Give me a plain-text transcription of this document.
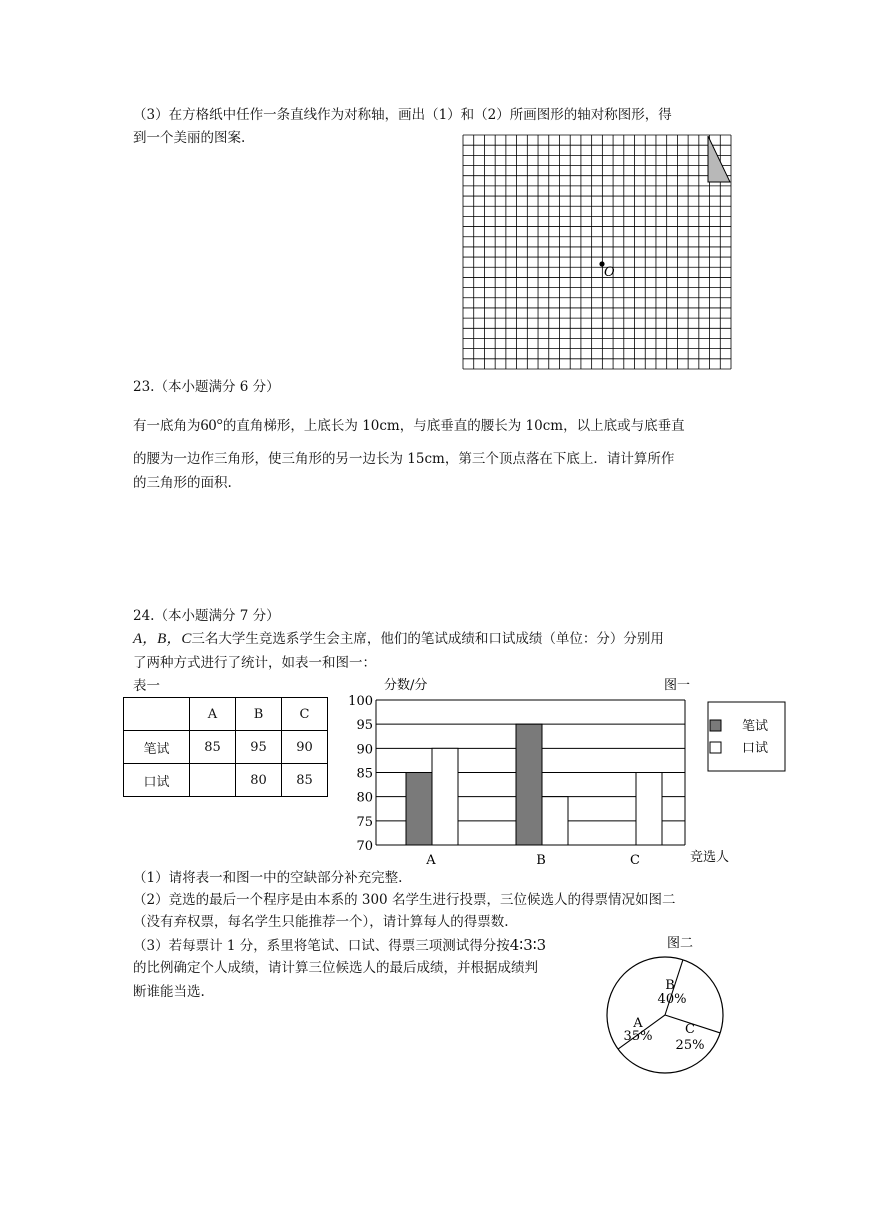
（3）在方格纸中任作一条直线作为对称轴，画出（1）和（2）所画图形的轴对称图形，得
到一个美丽的图案.
O
23.（本小题满分 6 分）
有一底角为60°的直角梯形，上底长为 10cm，与底垂直的腰长为 10cm，以上底或与底垂直
的腰为一边作三角形，使三角形的另一边长为 15cm，第三个顶点落在下底上．请计算所作
的三角形的面积.
24.（本小题满分 7 分）
A，B，C三名大学生竞选系学生会主席，他们的笔试成绩和口试成绩（单位：分）分别用
了两种方式进行了统计，如表一和图一：
表一
	A	B	C
笔试	85	95	90
口试		80	85
分数/分	图一
70
75
80
85
90
95
100
A	B	C	竞选人
笔试
口试
（1）请将表一和图一中的空缺部分补充完整.
（2）竞选的最后一个程序是由本系的 300 名学生进行投票，三位候选人的得票情况如图二
（没有弃权票，每名学生只能推荐一个），请计算每人的得票数.
（3）若每票计 1 分，系里将笔试、口试、得票三项测试得分按4∶3∶3
的比例确定个人成绩，请计算三位候选人的最后成绩，并根据成绩判
断谁能当选.
图二
B
40%
C
25%
A
35%
